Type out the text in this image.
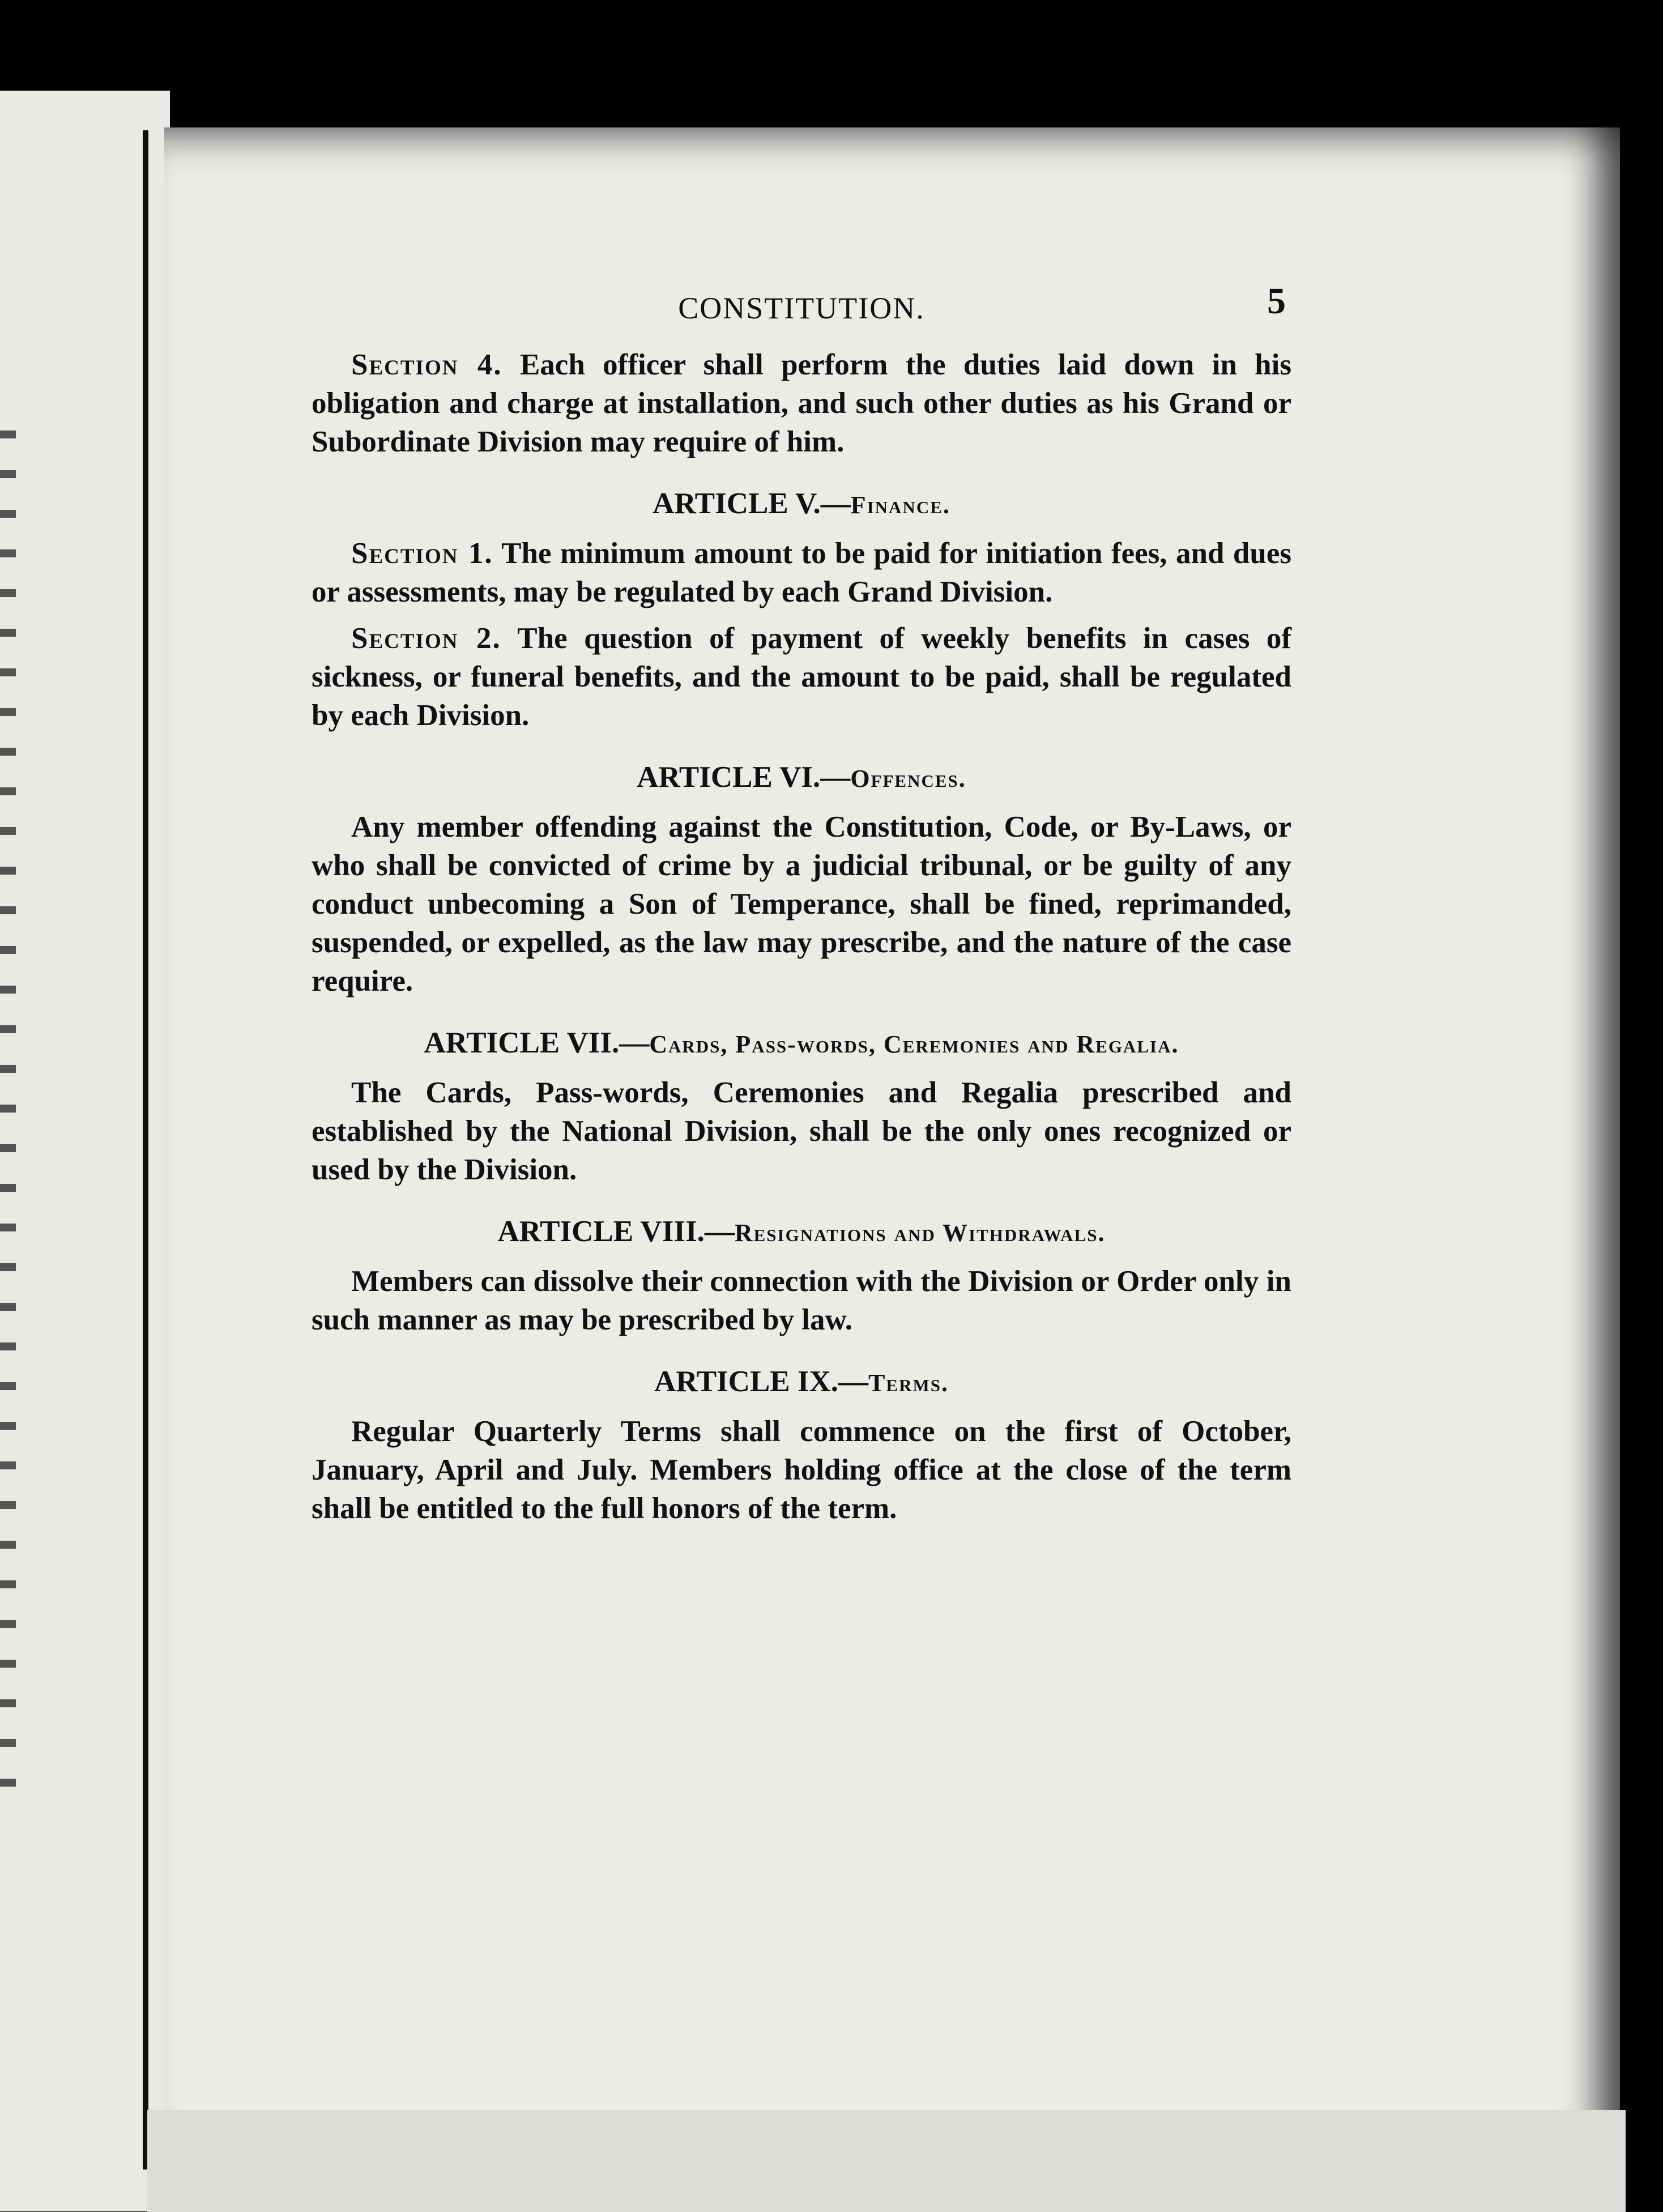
CONSTITUTION.	5

Section 4. Each officer shall perform the duties laid down in his obligation and charge at installation, and such other duties as his Grand or Subordinate Division may require of him.

ARTICLE V.—Finance.

Section 1. The minimum amount to be paid for initiation fees, and dues or assessments, may be regulated by each Grand Division.

Section 2. The question of payment of weekly benefits in cases of sickness, or funeral benefits, and the amount to be paid, shall be regulated by each Division.

ARTICLE VI.—Offences.

Any member offending against the Constitution, Code, or By-Laws, or who shall be convicted of crime by a judicial tribunal, or be guilty of any conduct unbecoming a Son of Temperance, shall be fined, reprimanded, suspended, or expelled, as the law may prescribe, and the nature of the case require.

ARTICLE VII.—Cards, Pass-words, Ceremonies and Regalia.

The Cards, Pass-words, Ceremonies and Regalia prescribed and established by the National Division, shall be the only ones recognized or used by the Division.

ARTICLE VIII.—Resignations and Withdrawals.

Members can dissolve their connection with the Division or Order only in such manner as may be prescribed by law.

ARTICLE IX.—Terms.

Regular Quarterly Terms shall commence on the first of October, January, April and July. Members holding office at the close of the term shall be entitled to the full honors of the term.
